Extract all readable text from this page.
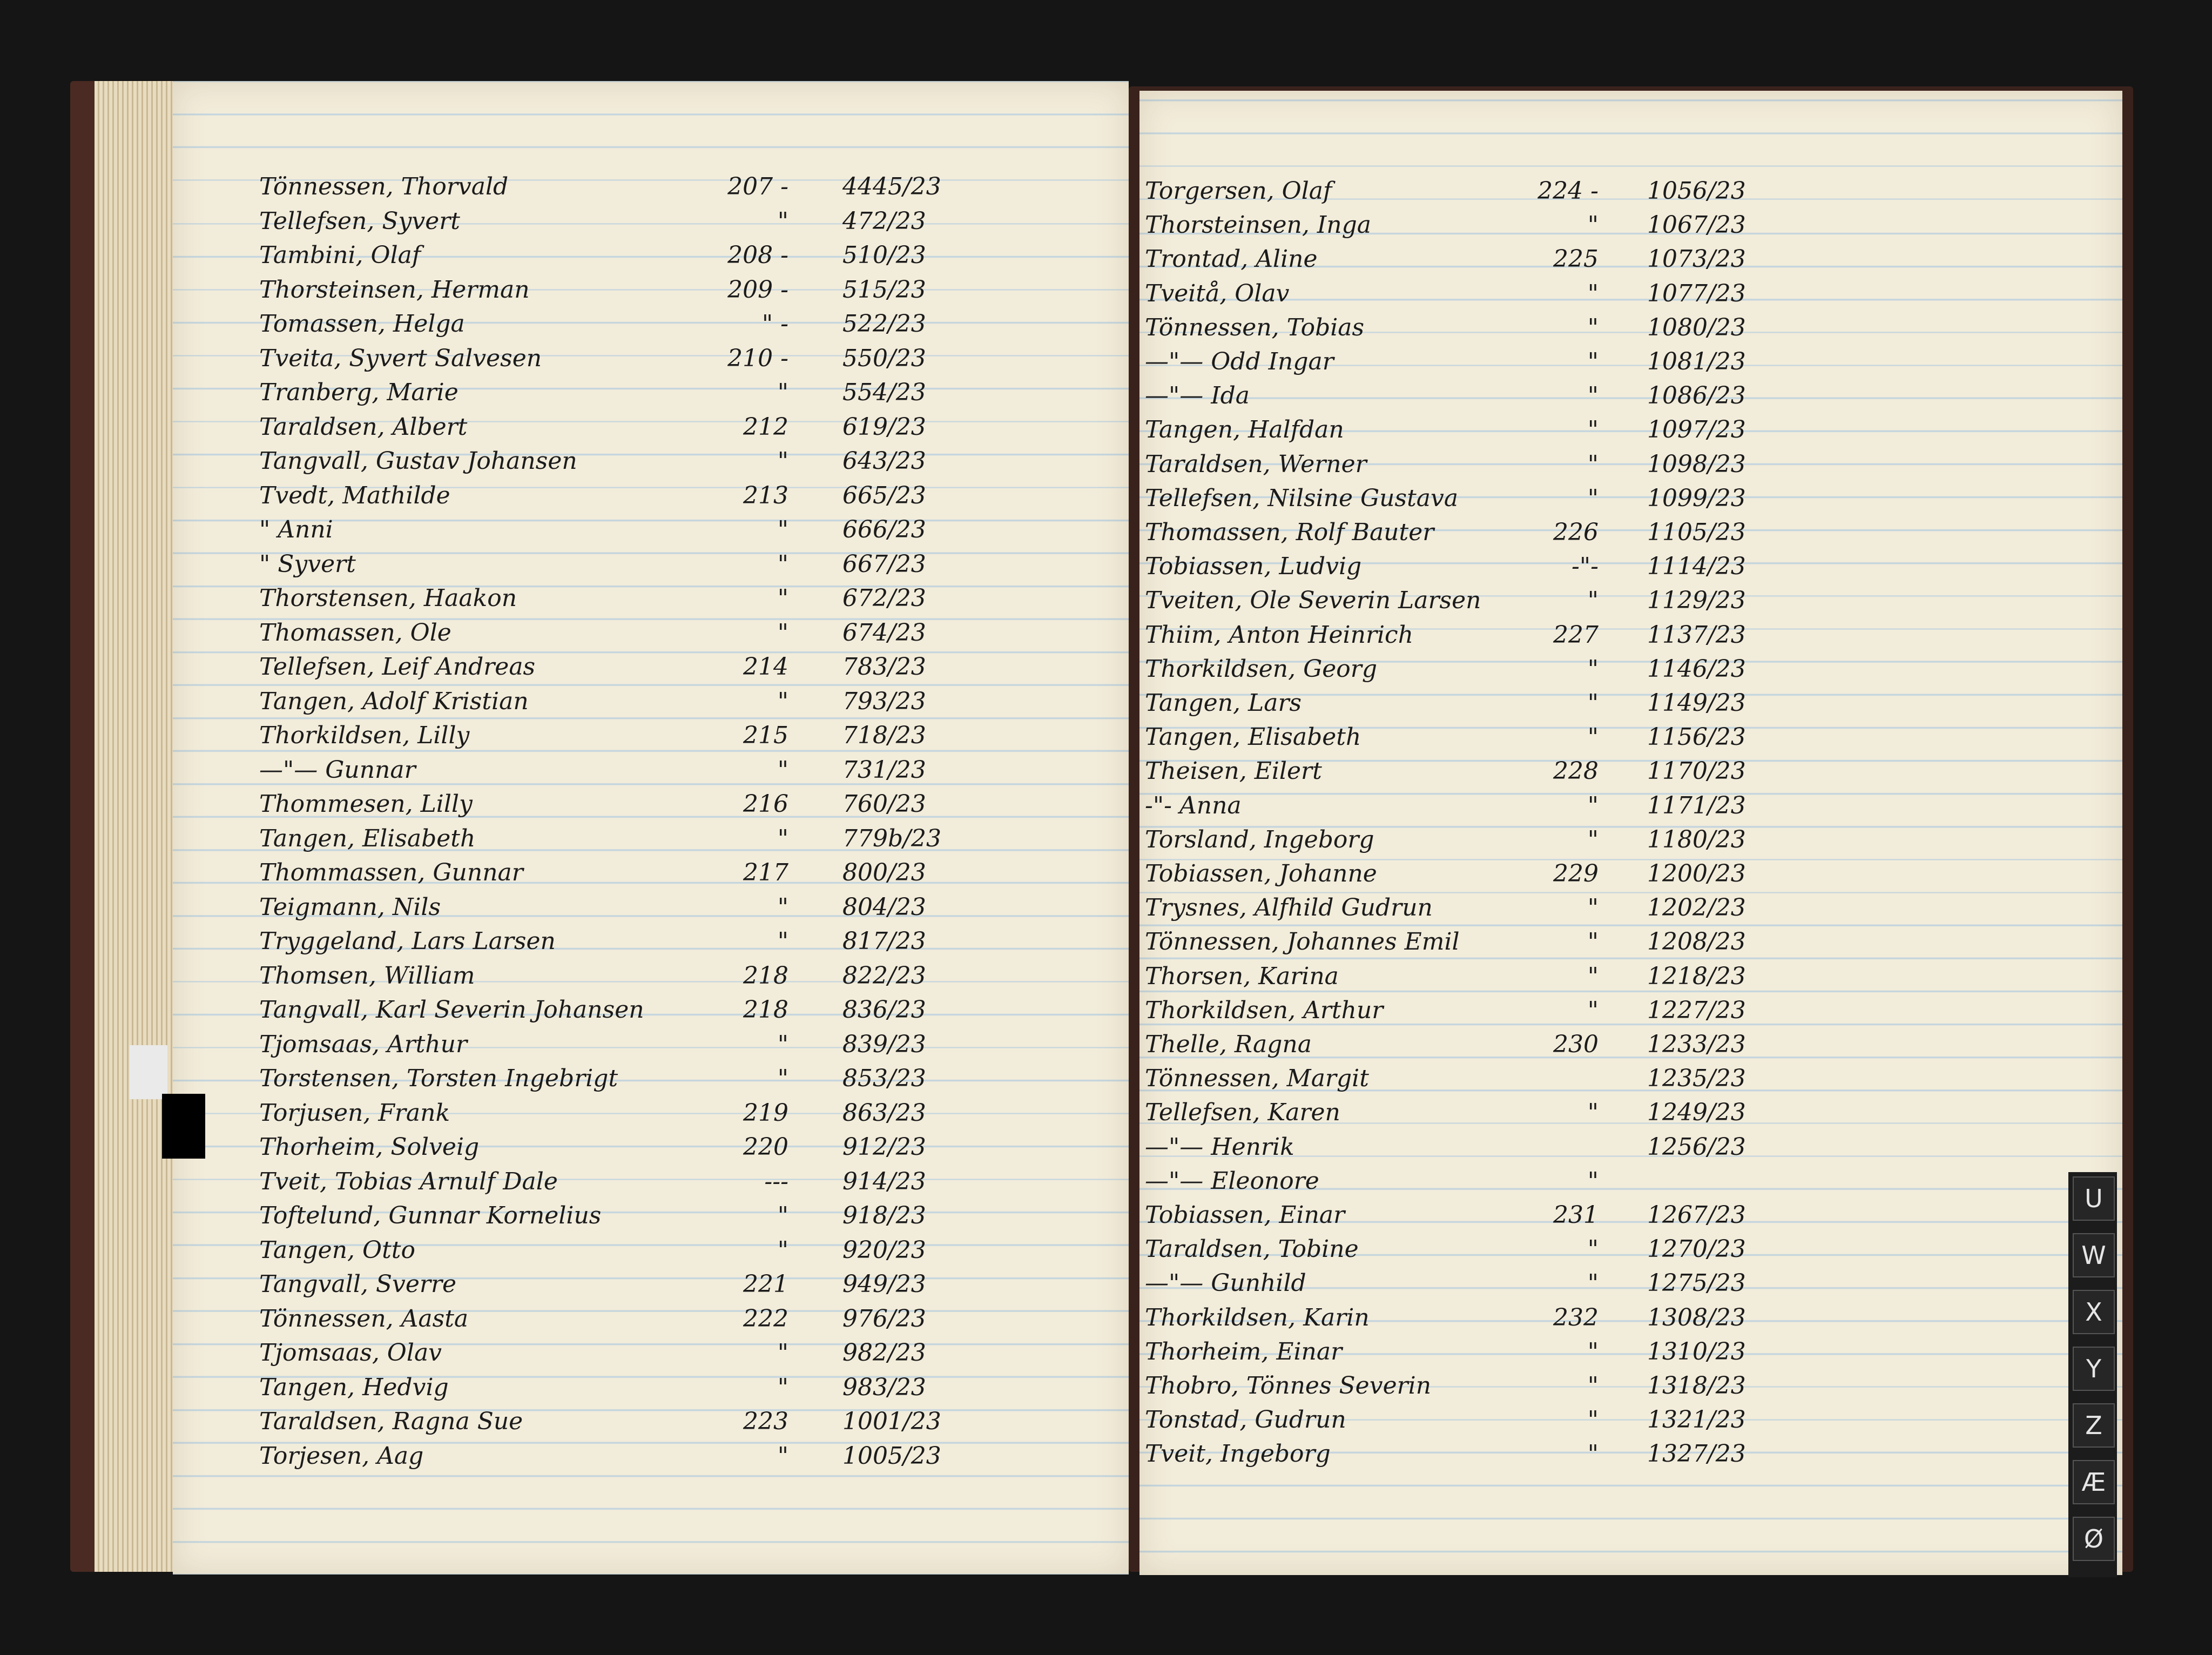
Tönnessen, Thorvald	207 - 4445/23
Tellefsen, Syvert	" 472/23
Tambini, Olaf	208 - 510/23
Thorsteinsen, Herman	209 - 515/23
Tomassen, Helga	" - 522/23
Tveita, Syvert Salvesen	210 - 550/23
Tranberg, Marie	" 554/23
Taraldsen, Albert	212 619/23
Tangvall, Gustav Johansen	" 643/23
Tvedt, Mathilde	213 665/23
" Anni	" 666/23
" Syvert	" 667/23
Thorstensen, Haakon	" 672/23
Thomassen, Ole	" 674/23
Tellefsen, Leif Andreas	214 783/23
Tangen, Adolf Kristian	" 793/23
Thorkildsen, Lilly	215 718/23
—"— Gunnar	" 731/23
Thommesen, Lilly	216 760/23
Tangen, Elisabeth	" 779b/23
Thommassen, Gunnar	217 800/23
Teigmann, Nils	" 804/23
Tryggeland, Lars Larsen	" 817/23
Thomsen, William	218 822/23
Tangvall, Karl Severin Johansen	218 836/23
Tjomsaas, Arthur	" 839/23
Torstensen, Torsten Ingebrigt	" 853/23
Torjusen, Frank	219 863/23
Thorheim, Solveig	220 912/23
Tveit, Tobias Arnulf Dale	--- 914/23
Toftelund, Gunnar Kornelius	" 918/23
Tangen, Otto	" 920/23
Tangvall, Sverre	221 949/23
Tönnessen, Aasta	222 976/23
Tjomsaas, Olav	" 982/23
Tangen, Hedvig	" 983/23
Taraldsen, Ragna Sue	223 1001/23
Torjesen, Aag	" 1005/23
Torgersen, Olaf	224 - 1056/23
Thorsteinsen, Inga	" 1067/23
Trontad, Aline	225 1073/23
Tveitå, Olav	" 1077/23
Tönnessen, Tobias	" 1080/23
—"— Odd Ingar	" 1081/23
—"— Ida	" 1086/23
Tangen, Halfdan	" 1097/23
Taraldsen, Werner	" 1098/23
Tellefsen, Nilsine Gustava	" 1099/23
Thomassen, Rolf Bauter	226 1105/23
Tobiassen, Ludvig	-"- 1114/23
Tveiten, Ole Severin Larsen	" 1129/23
Thiim, Anton Heinrich	227 1137/23
Thorkildsen, Georg	" 1146/23
Tangen, Lars	" 1149/23
Tangen, Elisabeth	" 1156/23
Theisen, Eilert	228 1170/23
-"- Anna	" 1171/23
Torsland, Ingeborg	" 1180/23
Tobiassen, Johanne	229 1200/23
Trysnes, Alfhild Gudrun	" 1202/23
Tönnessen, Johannes Emil	" 1208/23
Thorsen, Karina	" 1218/23
Thorkildsen, Arthur	" 1227/23
Thelle, Ragna	230 1233/23
Tönnessen, Margit	1235/23
Tellefsen, Karen	" 1249/23
—"— Henrik	1256/23
—"— Eleonore	"
Tobiassen, Einar	231 1267/23
Taraldsen, Tobine	" 1270/23
—"— Gunhild	" 1275/23
Thorkildsen, Karin	232 1308/23
Thorheim, Einar	" 1310/23
Thobro, Tönnes Severin	" 1318/23
Tonstad, Gudrun	" 1321/23
Tveit, Ingeborg	" 1327/23
U
W
X
Y
Z
Æ
Ø
